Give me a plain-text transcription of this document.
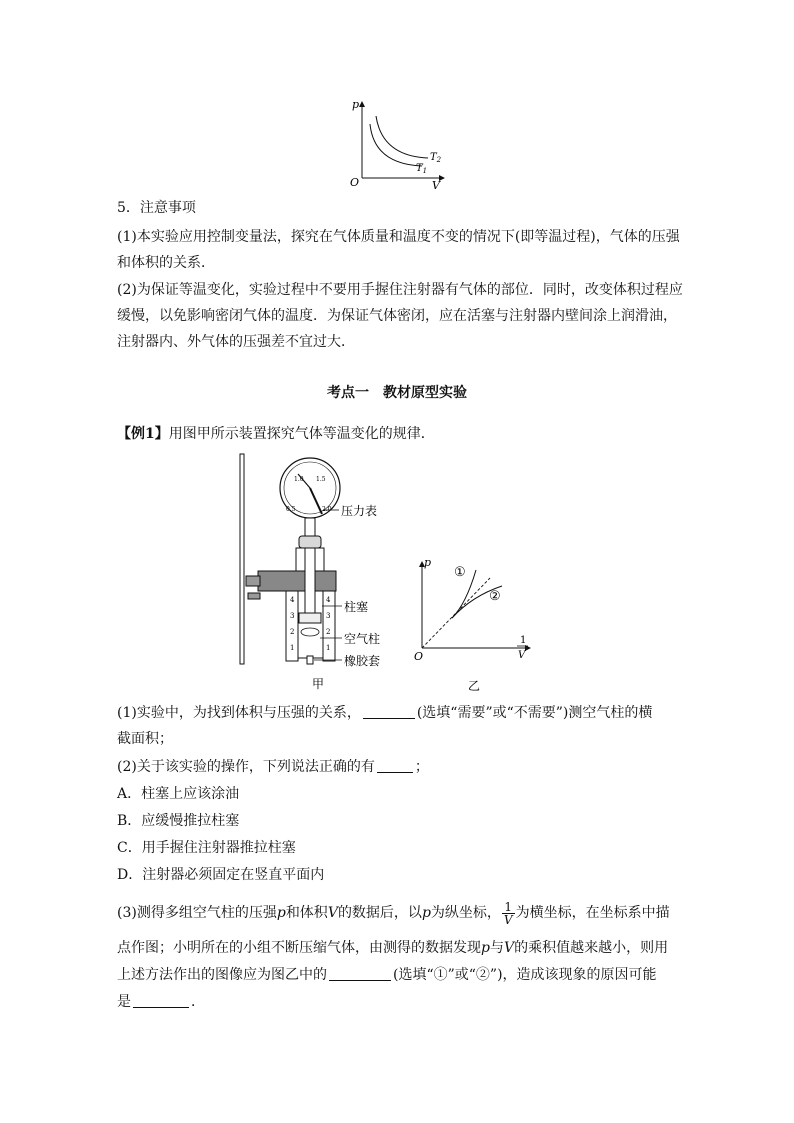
p
V
O
$T_2$
$T_1$
5．注意事项
(1)本实验应用控制变量法，探究在气体质量和温度不变的情况下(即等温过程)，气体的压强
和体积的关系．
(2)为保证等温变化，实验过程中不要用手握住注射器有气体的部位．同时，改变体积过程应
缓慢，以免影响密闭气体的温度．为保证气体密闭，应在活塞与注射器内壁间涂上润滑油，
注射器内、外气体的压强差不宜过大．
考点一　教材原型实验
【例1】用图甲所示装置探究气体等温变化的规律．
0.5
1.0 1.5
2.0
4
3
2
1
4
3
2
1
压力表
柱塞
空气柱
橡胶套
甲
p
①
②
O
1
V
乙
(1)实验中，为找到体积与压强的关系，	(选填“需要”或“不需要”)测空气柱的横
截面积；
(2)关于该实验的操作，下列说法正确的有	；
A．柱塞上应该涂油
B．应缓慢推拉柱塞
C．用手握住注射器推拉柱塞
D．注射器必须固定在竖直平面内
(3)测得多组空气柱的压强p和体积V的数据后，以p为纵坐标， $\frac{1}{V}$ 为横坐标，在坐标系中描
点作图；小明所在的小组不断压缩气体，由测得的数据发现p与V的乘积值越来越小，则用
上述方法作出的图像应为图乙中的	(选填“①”或“②”)，造成该现象的原因可能
是	．
